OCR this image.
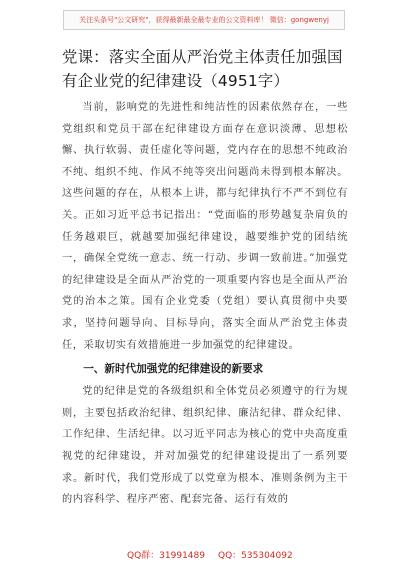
关注头条号"公文研究"，获得最新最全最专业的公文资料库！ 微信：gongwenyj
党课：落实全面从严治党主体责任加强国有企业党的纪律建设（4951字）

当前，影响党的先进性和纯洁性的因素依然存在，一些党组织和党员干部在纪律建设方面存在意识淡薄、思想松懈、执行软弱、责任虚化等问题，党内存在的思想不纯政治不纯、组织不纯、作风不纯等突出问题尚未得到根本解决。这些问题的存在，从根本上讲，都与纪律执行不严不到位有关。正如习近平总书记指出：“党面临的形势越复杂肩负的任务越艰巨，就越要加强纪律建设，越要维护党的团结统一，确保全党统一意志、统一行动、步调一致前进。”加强党的纪律建设是全面从严治党的一项重要内容也是全面从严治党的治本之策。国有企业党委（党组）要认真贯彻中央要求，坚持问题导向、目标导向，落实全面从严治党主体责任，采取切实有效措施进一步加强党的纪律建设。

一、新时代加强党的纪律建设的新要求

党的纪律是党的各级组织和全体党员必须遵守的行为规则，主要包括政治纪律、组织纪律、廉洁纪律、群众纪律、工作纪律、生活纪律。以习近平同志为核心的党中央高度重视党的纪律建设，并对加强党的纪律建设提出了一系列要求。新时代，我们党形成了以党章为根本、准则条例为主干的内容科学、程序严密、配套完备、运行有效的

QQ群：31991489 QQ：535304092
